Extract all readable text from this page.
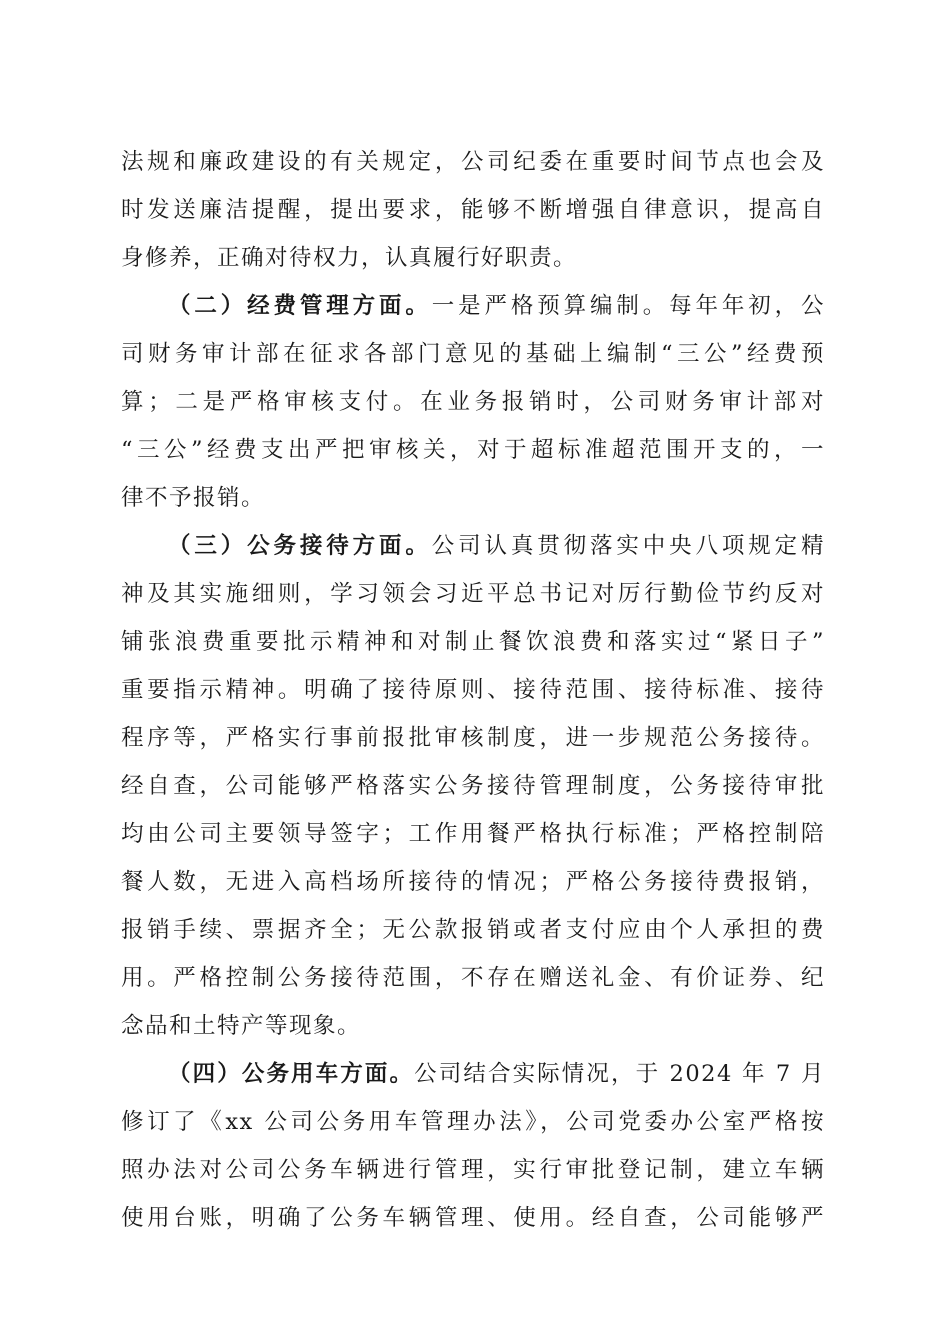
法规和廉政建设的有关规定，公司纪委在重要时间节点也会及
时发送廉洁提醒，提出要求，能够不断增强自律意识，提高自
身修养，正确对待权力，认真履行好职责。
（二）经费管理方面。一是严格预算编制。每年年初，公
司财务审计部在征求各部门意见的基础上编制“三公”经费预
算；二是严格审核支付。在业务报销时，公司财务审计部对
“三公”经费支出严把审核关，对于超标准超范围开支的，一
律不予报销。
（三）公务接待方面。公司认真贯彻落实中央八项规定精
神及其实施细则，学习领会习近平总书记对厉行勤俭节约反对
铺张浪费重要批示精神和对制止餐饮浪费和落实过“紧日子”
重要指示精神。明确了接待原则、接待范围、接待标准、接待
程序等，严格实行事前报批审核制度，进一步规范公务接待。
经自查，公司能够严格落实公务接待管理制度，公务接待审批
均由公司主要领导签字；工作用餐严格执行标准；严格控制陪
餐人数，无进入高档场所接待的情况；严格公务接待费报销，
报销手续、票据齐全；无公款报销或者支付应由个人承担的费
用。严格控制公务接待范围，不存在赠送礼金、有价证券、纪
念品和土特产等现象。
（四）公务用车方面。公司结合实际情况，于 2024 年 7 月
修订了《xx 公司公务用车管理办法》，公司党委办公室严格按
照办法对公司公务车辆进行管理，实行审批登记制，建立车辆
使用台账，明确了公务车辆管理、使用。经自查，公司能够严
